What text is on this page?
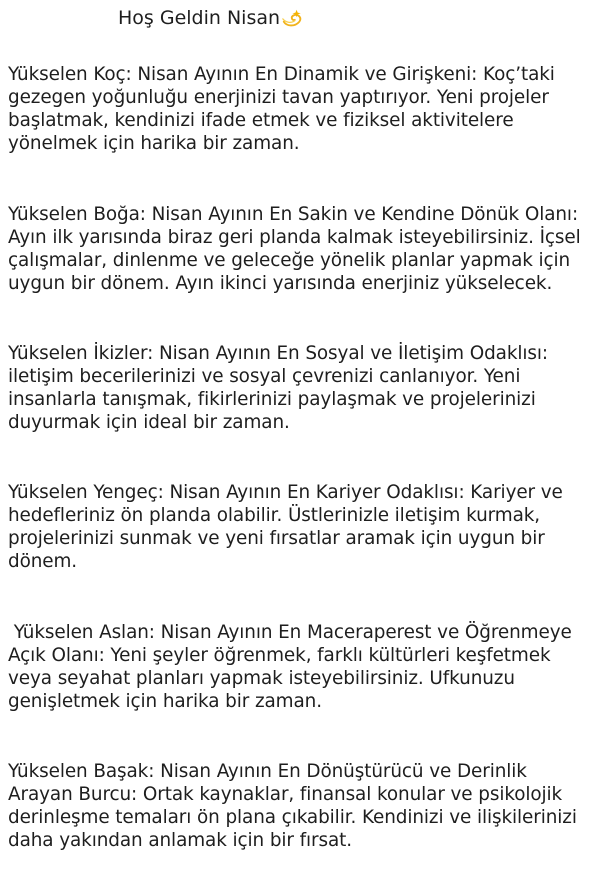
Hoş Geldin Nisan
Yükselen Koç: Nisan Ayının En Dinamik ve Girişkeni: Koç’taki
gezegen yoğunluğu enerjinizi tavan yaptırıyor. Yeni projeler
başlatmak, kendinizi ifade etmek ve fiziksel aktivitelere
yönelmek için harika bir zaman.
Yükselen Boğa: Nisan Ayının En Sakin ve Kendine Dönük Olanı:
Ayın ilk yarısında biraz geri planda kalmak isteyebilirsiniz. İçsel
çalışmalar, dinlenme ve geleceğe yönelik planlar yapmak için
uygun bir dönem. Ayın ikinci yarısında enerjiniz yükselecek.
Yükselen İkizler: Nisan Ayının En Sosyal ve İletişim Odaklısı:
iletişim becerilerinizi ve sosyal çevrenizi canlanıyor. Yeni
insanlarla tanışmak, fikirlerinizi paylaşmak ve projelerinizi
duyurmak için ideal bir zaman.
Yükselen Yengeç: Nisan Ayının En Kariyer Odaklısı: Kariyer ve
hedefleriniz ön planda olabilir. Üstlerinizle iletişim kurmak,
projelerinizi sunmak ve yeni fırsatlar aramak için uygun bir
dönem.
Yükselen Aslan: Nisan Ayının En Maceraperest ve Öğrenmeye
Açık Olanı: Yeni şeyler öğrenmek, farklı kültürleri keşfetmek
veya seyahat planları yapmak isteyebilirsiniz. Ufkunuzu
genişletmek için harika bir zaman.
Yükselen Başak: Nisan Ayının En Dönüştürücü ve Derinlik
Arayan Burcu: Ortak kaynaklar, finansal konular ve psikolojik
derinleşme temaları ön plana çıkabilir. Kendinizi ve ilişkilerinizi
daha yakından anlamak için bir fırsat.
